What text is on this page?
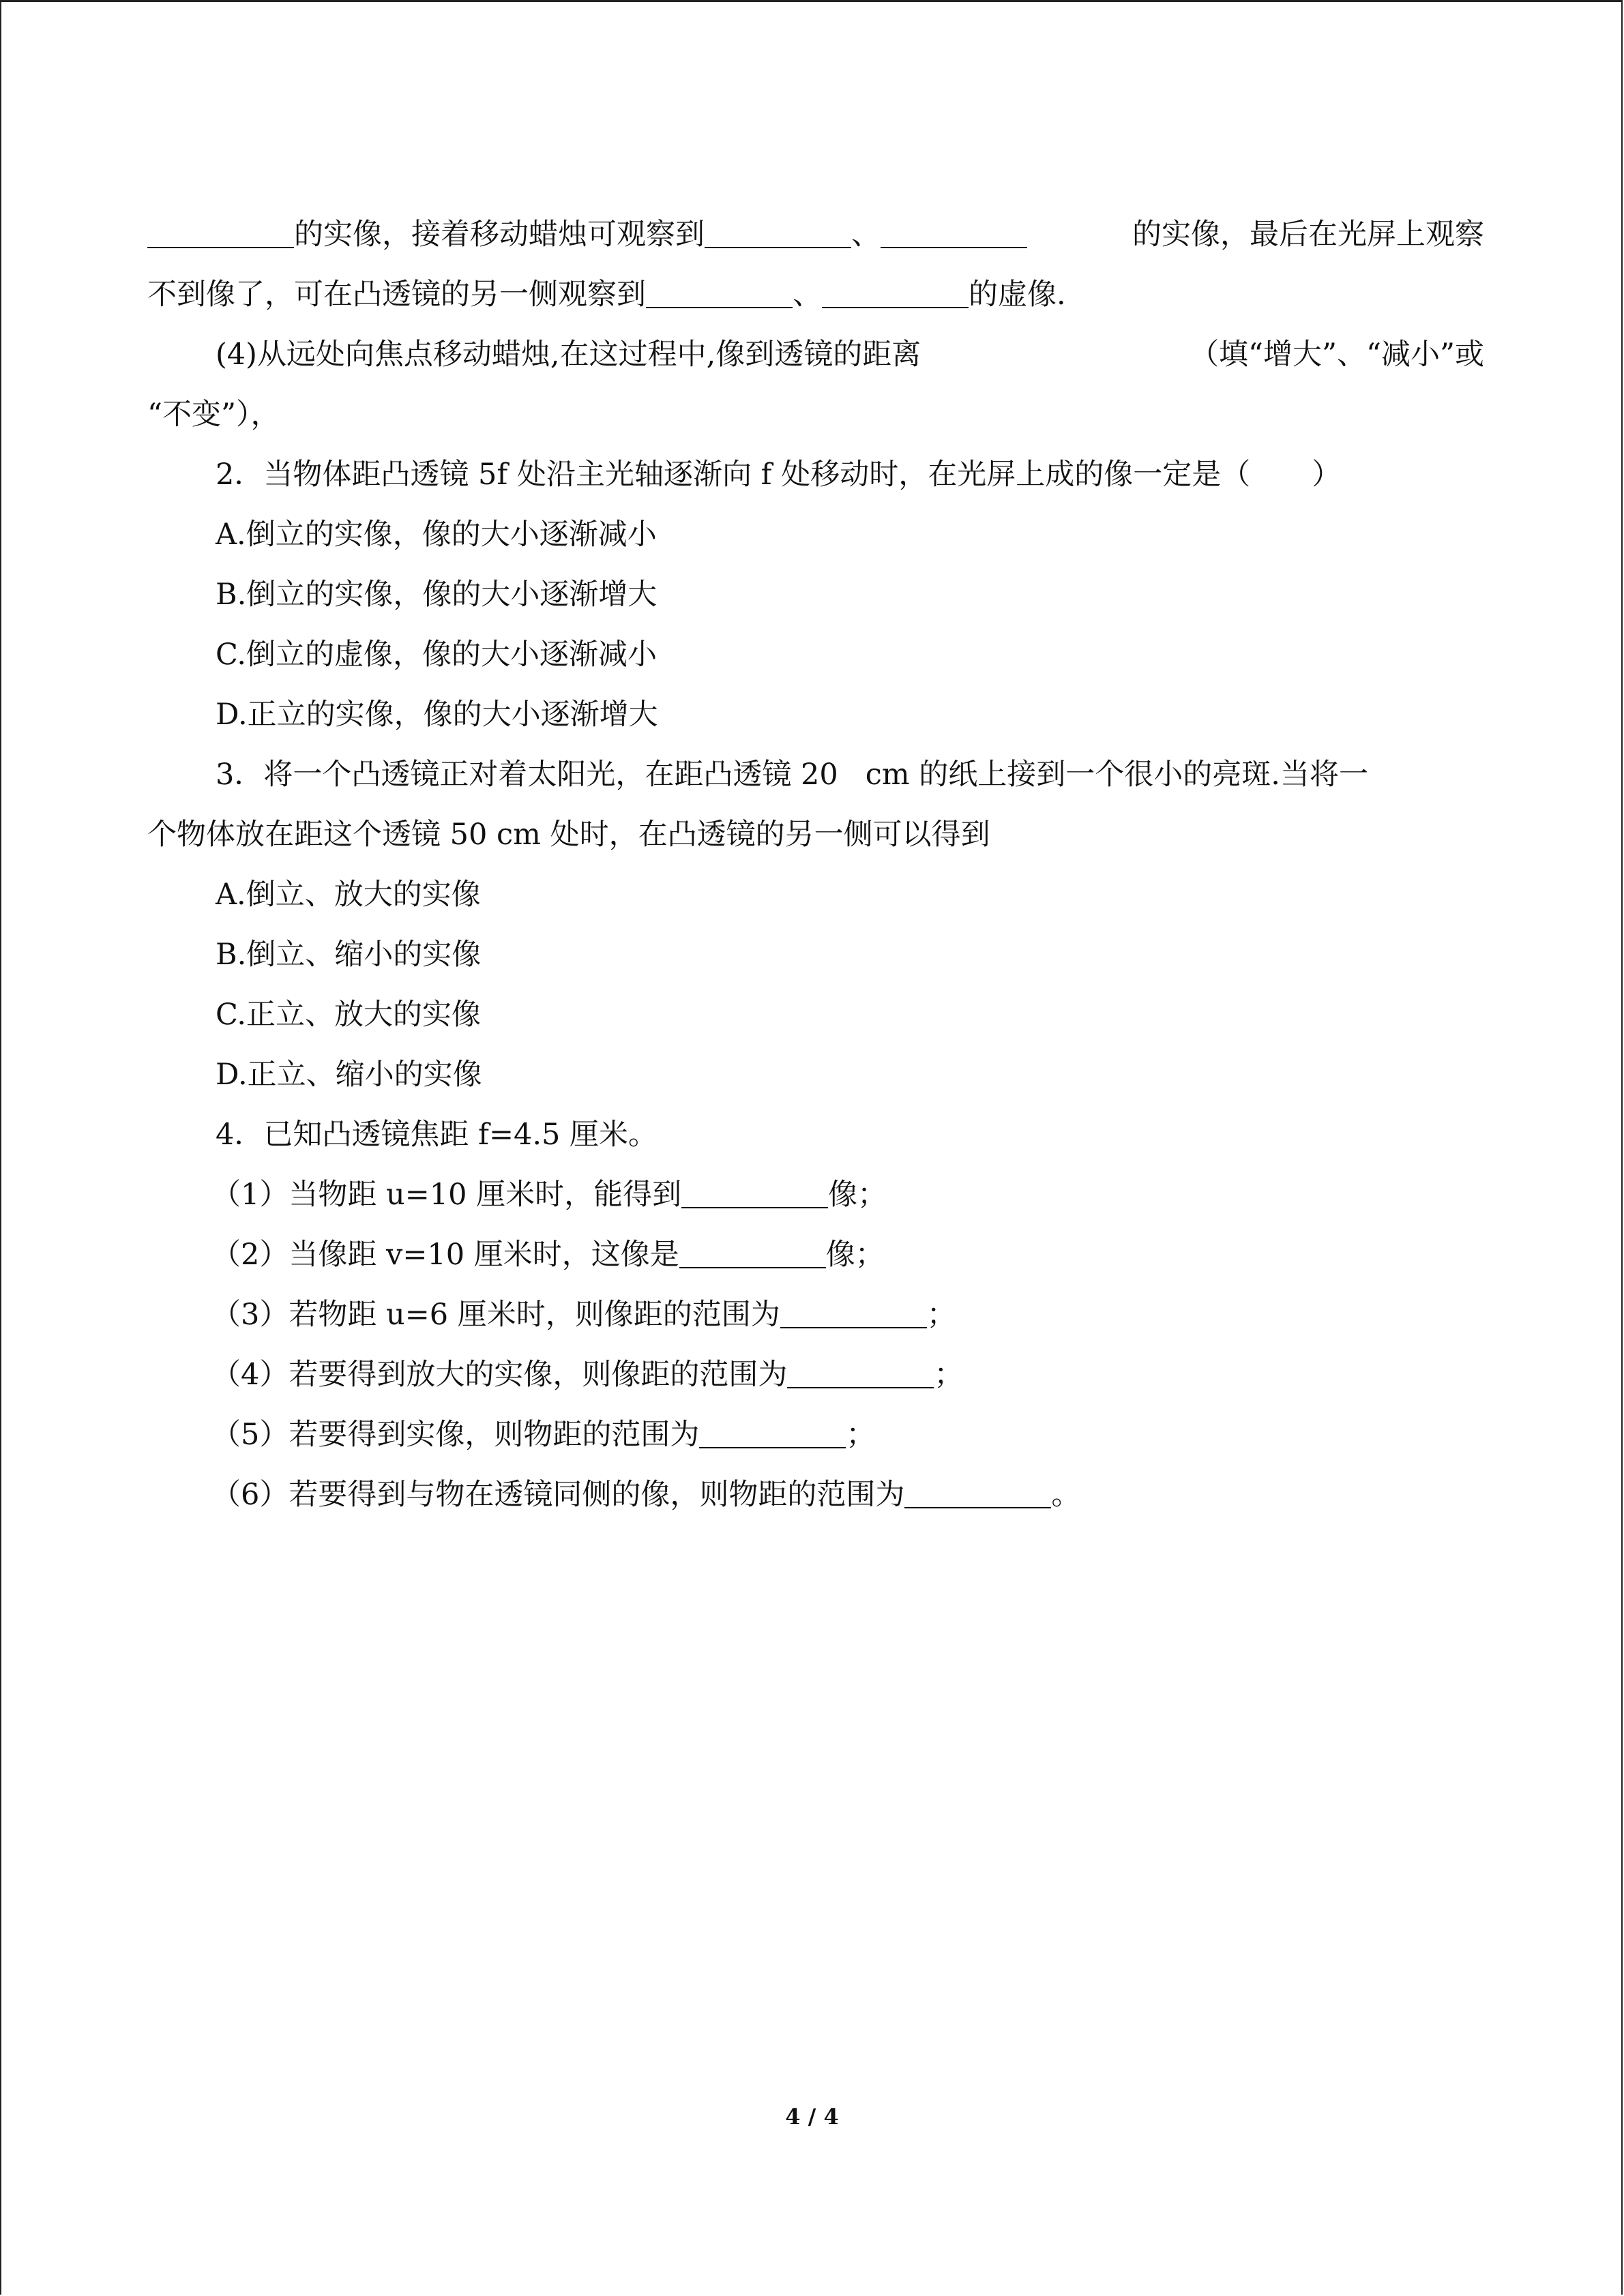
的实像，接着移动蜡烛可观察到	、	的实像，最后在光屏上观察
不到像了，可在凸透镜的另一侧观察到	、	的虚像.
(4)从远处向焦点移动蜡烛,在这过程中,像到透镜的距离	（填“增大”、“减小”或
“不变”），
2．当物体距凸透镜 5f 处沿主光轴逐渐向 f 处移动时，在光屏上成的像一定是（ ）
A.倒立的实像，像的大小逐渐减小
B.倒立的实像，像的大小逐渐增大
C.倒立的虚像，像的大小逐渐减小
D.正立的实像，像的大小逐渐增大
3．将一个凸透镜正对着太阳光，在距凸透镜 20 cm 的纸上接到一个很小的亮斑.当将一
个物体放在距这个透镜 50 cm 处时，在凸透镜的另一侧可以得到
A.倒立、放大的实像
B.倒立、缩小的实像
C.正立、放大的实像
D.正立、缩小的实像
4．已知凸透镜焦距 f=4.5 厘米。
（1）当物距 u=10 厘米时，能得到	像；
（2）当像距 v=10 厘米时，这像是	像；
（3）若物距 u=6 厘米时，则像距的范围为	；
（4）若要得到放大的实像，则像距的范围为	；
（5）若要得到实像，则物距的范围为	；
（6）若要得到与物在透镜同侧的像，则物距的范围为	。
4 / 4
